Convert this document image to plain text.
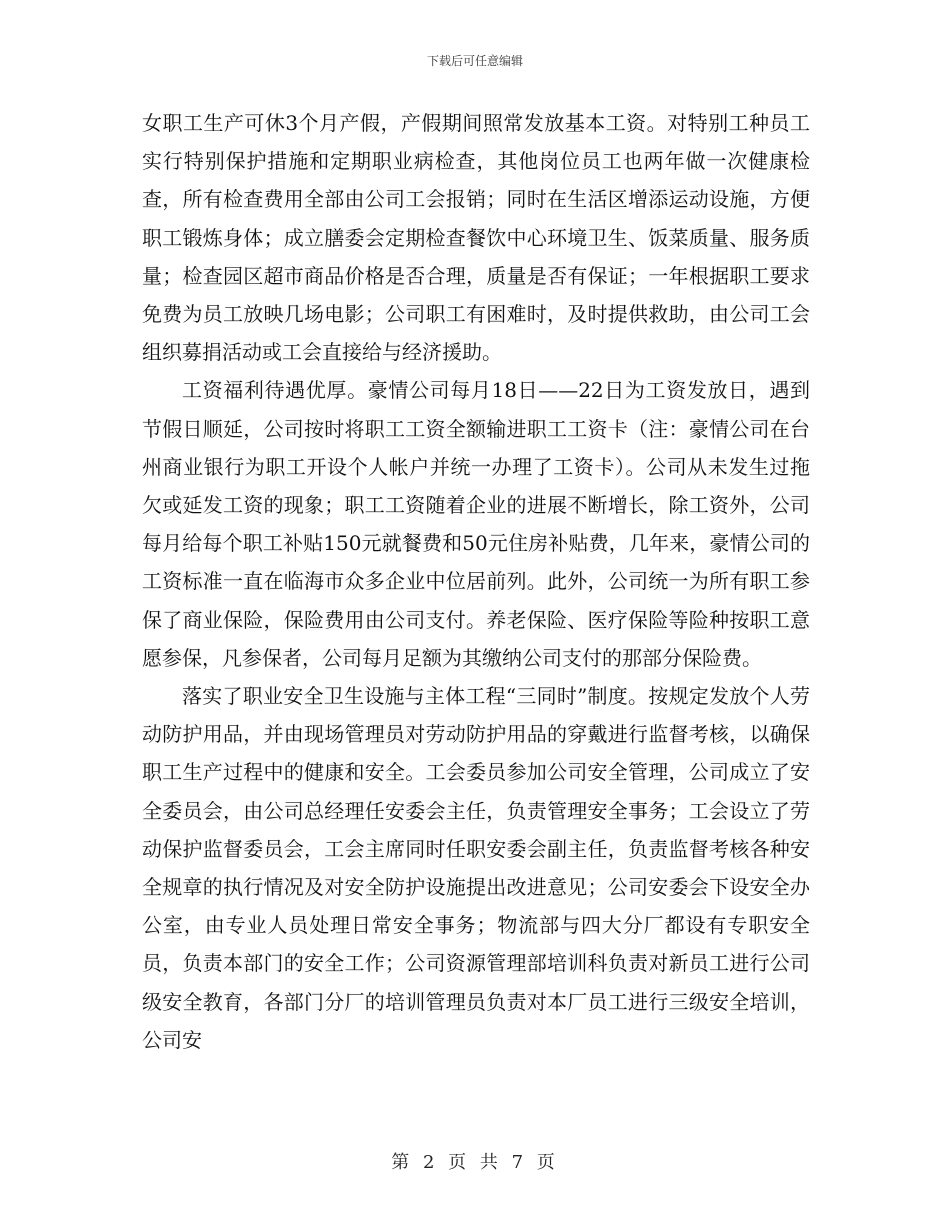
下载后可任意编辑

女职工生产可休3个月产假，产假期间照常发放基本工资。对特别工种员工实行特别保护措施和定期职业病检查，其他岗位员工也两年做一次健康检查，所有检查费用全部由公司工会报销；同时在生活区增添运动设施，方便职工锻炼身体；成立膳委会定期检查餐饮中心环境卫生、饭菜质量、服务质量；检查园区超市商品价格是否合理，质量是否有保证；一年根据职工要求免费为员工放映几场电影；公司职工有困难时，及时提供救助，由公司工会组织募捐活动或工会直接给与经济援助。

工资福利待遇优厚。豪情公司每月18日——22日为工资发放日，遇到节假日顺延，公司按时将职工工资全额输进职工工资卡（注：豪情公司在台州商业银行为职工开设个人帐户并统一办理了工资卡）。公司从未发生过拖欠或延发工资的现象；职工工资随着企业的进展不断增长，除工资外，公司每月给每个职工补贴150元就餐费和50元住房补贴费，几年来，豪情公司的工资标准一直在临海市众多企业中位居前列。此外，公司统一为所有职工参保了商业保险，保险费用由公司支付。养老保险、医疗保险等险种按职工意愿参保，凡参保者，公司每月足额为其缴纳公司支付的那部分保险费。

落实了职业安全卫生设施与主体工程“三同时”制度。按规定发放个人劳动防护用品，并由现场管理员对劳动防护用品的穿戴进行监督考核，以确保职工生产过程中的健康和安全。工会委员参加公司安全管理，公司成立了安全委员会，由公司总经理任安委会主任，负责管理安全事务；工会设立了劳动保护监督委员会，工会主席同时任职安委会副主任，负责监督考核各种安全规章的执行情况及对安全防护设施提出改进意见；公司安委会下设安全办公室，由专业人员处理日常安全事务；物流部与四大分厂都设有专职安全员，负责本部门的安全工作；公司资源管理部培训科负责对新员工进行公司级安全教育，各部门分厂的培训管理员负责对本厂员工进行三级安全培训，公司安

第 2 页 共 7 页
